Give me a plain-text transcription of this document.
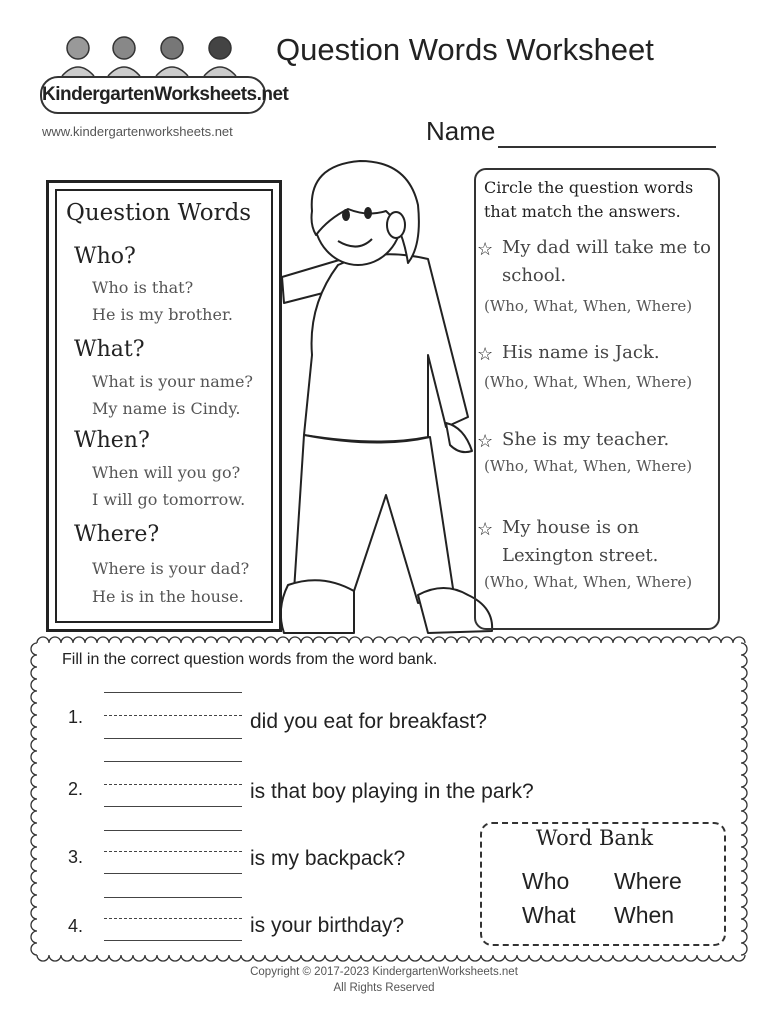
KindergartenWorksheets.net
Question Words Worksheet
www.kindergartenworksheets.net	Name
Question Words
Who?
Who is that?
He is my brother.
What?
What is your name?
My name is Cindy.
When?
When will you go?
I will go tomorrow.
Where?
Where is your dad?
He is in the house.
Circle the question words that match the answers.
☆ My dad will take me to school.
(Who, What, When, Where)
☆ His name is Jack.
(Who, What, When, Where)
☆ She is my teacher.
(Who, What, When, Where)
☆ My house is on Lexington street.
(Who, What, When, Where)
Fill in the correct question words from the word bank.
1.	did you eat for breakfast?
2.	is that boy playing in the park?
3.	is my backpack?
4.	is your birthday?
Word Bank
Who Where
What When
Copyright © 2017-2023 KindergartenWorksheets.net
All Rights Reserved
